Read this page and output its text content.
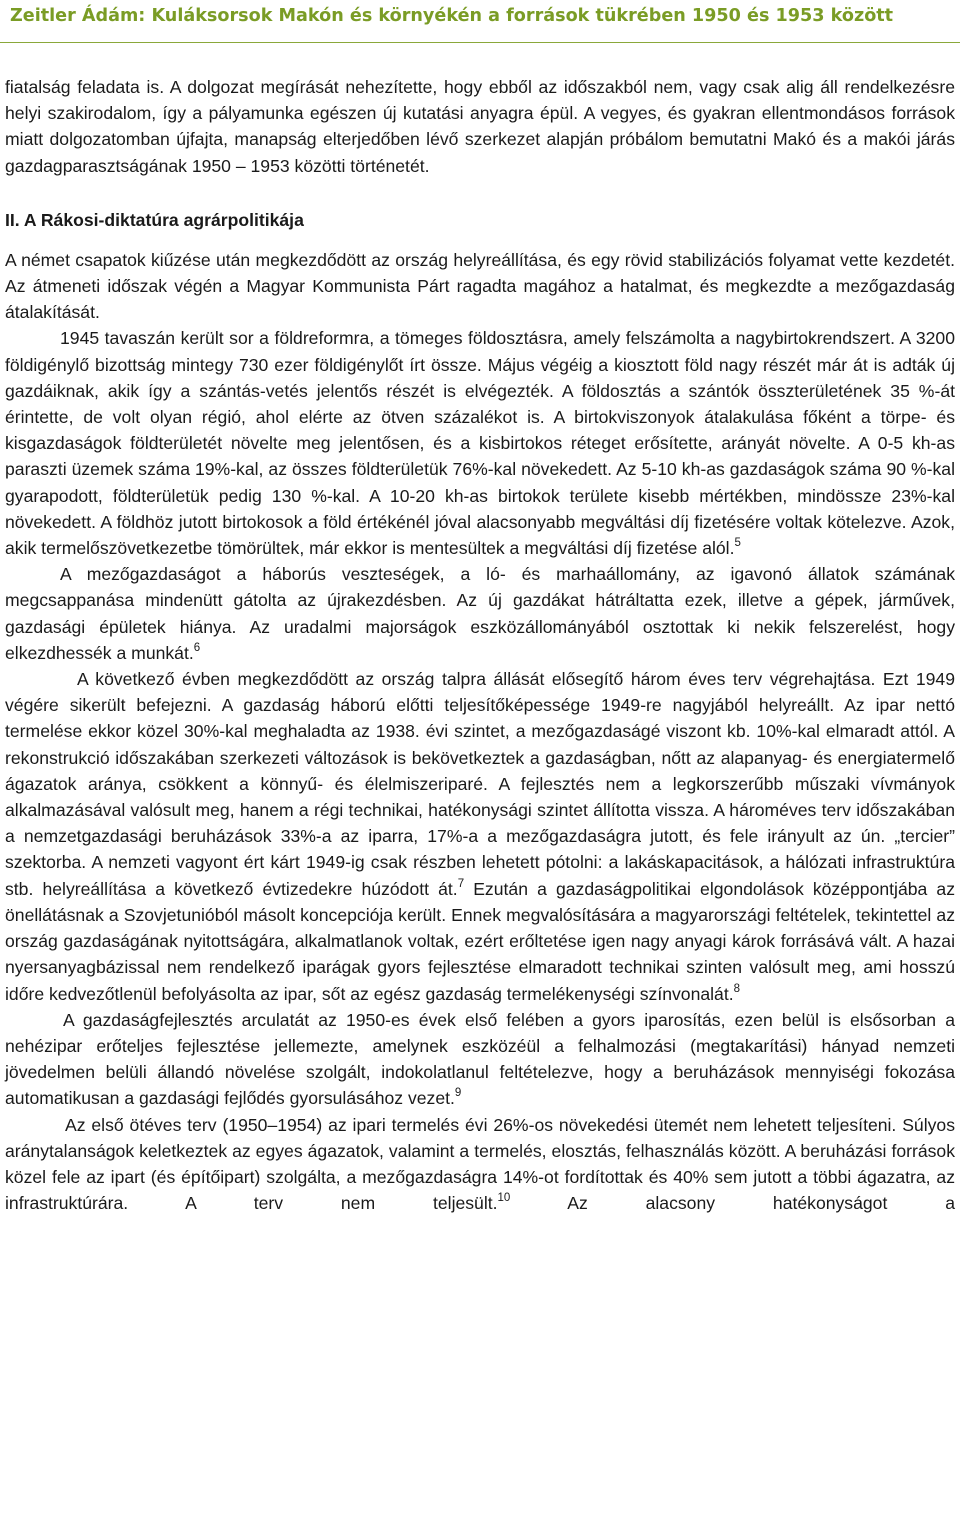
Zeitler Ádám: Kuláksorsok Makón és környékén a források tükrében 1950 és 1953 között

fiatalság feladata is. A dolgozat megírását nehezítette, hogy ebből az időszakból nem, vagy csak alig áll rendelkezésre helyi szakirodalom, így a pályamunka egészen új kutatási anyagra épül. A vegyes, és gyakran ellentmondásos források miatt dolgozatomban újfajta, manapság elterjedőben lévő szerkezet alapján próbálom bemutatni Makó és a makói járás gazdagparasztságának 1950 – 1953 közötti történetét.

II. A Rákosi-diktatúra agrárpolitikája

A német csapatok kiűzése után megkezdődött az ország helyreállítása, és egy rövid stabilizációs folyamat vette kezdetét. Az átmeneti időszak végén a Magyar Kommunista Párt ragadta magához a hatalmat, és megkezdte a mezőgazdaság átalakítását.

1945 tavaszán került sor a földreformra, a tömeges földosztásra, amely felszámolta a nagybirtokrendszert. A 3200 földigénylő bizottság mintegy 730 ezer földigénylőt írt össze. Május végéig a kiosztott föld nagy részét már át is adták új gazdáiknak, akik így a szántás-vetés jelentős részét is elvégezték. A földosztás a szántók összterületének 35 %-át érintette, de volt olyan régió, ahol elérte az ötven százalékot is. A birtokviszonyok átalakulása főként a törpe- és kisgazdaságok földterületét növelte meg jelentősen, és a kisbirtokos réteget erősítette, arányát növelte. A 0-5 kh-as paraszti üzemek száma 19%-kal, az összes földterületük 76%-kal növekedett. Az 5-10 kh-as gazdaságok száma 90 %-kal gyarapodott, földterületük pedig 130 %-kal. A 10-20 kh-as birtokok területe kisebb mértékben, mindössze 23%-kal növekedett. A földhöz jutott birtokosok a föld értékénél jóval alacsonyabb megváltási díj fizetésére voltak kötelezve. Azok, akik termelőszövetkezetbe tömörültek, már ekkor is mentesültek a megváltási díj fizetése alól.$^5$

A mezőgazdaságot a háborús veszteségek, a ló- és marhaállomány, az igavonó állatok számának megcsappanása mindenütt gátolta az újrakezdésben. Az új gazdákat hátráltatta ezek, illetve a gépek, járművek, gazdasági épületek hiánya. Az uradalmi majorságok eszközállományából osztottak ki nekik felszerelést, hogy elkezdhessék a munkát.$^6$

A következő évben megkezdődött az ország talpra állását elősegítő három éves terv végrehajtása. Ezt 1949 végére sikerült befejezni. A gazdaság háború előtti teljesítőképessége 1949-re nagyjából helyreállt. Az ipar nettó termelése ekkor közel 30%-kal meghaladta az 1938. évi szintet, a mezőgazdaságé viszont kb. 10%-kal elmaradt attól. A rekonstrukció időszakában szerkezeti változások is bekövetkeztek a gazdaságban, nőtt az alapanyag- és energiatermelő ágazatok aránya, csökkent a könnyű- és élelmiszeriparé. A fejlesztés nem a legkorszerűbb műszaki vívmányok alkalmazásával valósult meg, hanem a régi technikai, hatékonysági szintet állította vissza. A hároméves terv időszakában a nemzetgazdasági beruházások 33%-a az iparra, 17%-a a mezőgazdaságra jutott, és fele irányult az ún. „tercier” szektorba. A nemzeti vagyont ért kárt 1949-ig csak részben lehetett pótolni: a lakáskapacitások, a hálózati infrastruktúra stb. helyreállítása a következő évtizedekre húzódott át.$^7$ Ezután a gazdaságpolitikai elgondolások középpontjába az önellátásnak a Szovjetunióból másolt koncepciója került. Ennek megvalósítására a magyarországi feltételek, tekintettel az ország gazdaságának nyitottságára, alkalmatlanok voltak, ezért erőltetése igen nagy anyagi károk forrásává vált. A hazai nyersanyagbázissal nem rendelkező iparágak gyors fejlesztése elmaradott technikai szinten valósult meg, ami hosszú időre kedvezőtlenül befolyásolta az ipar, sőt az egész gazdaság termelékenységi színvonalát.$^8$

A gazdaságfejlesztés arculatát az 1950-es évek első felében a gyors iparosítás, ezen belül is elsősorban a nehézipar erőteljes fejlesztése jellemezte, amelynek eszközéül a felhalmozási (megtakarítási) hányad nemzeti jövedelmen belüli állandó növelése szolgált, indokolatlanul feltételezve, hogy a beruházások mennyiségi fokozása automatikusan a gazdasági fejlődés gyorsulásához vezet.$^9$

Az első ötéves terv (1950–1954) az ipari termelés évi 26%-os növekedési ütemét nem lehetett teljesíteni. Súlyos aránytalanságok keletkeztek az egyes ágazatok, valamint a termelés, elosztás, felhasználás között. A beruházási források közel fele az ipart (és építőipart) szolgálta, a mezőgazdaságra 14%-ot fordítottak és 40% sem jutott a többi ágazatra, az infrastruktúrára. A terv nem teljesült.$^{10}$ Az alacsony hatékonyságot a
